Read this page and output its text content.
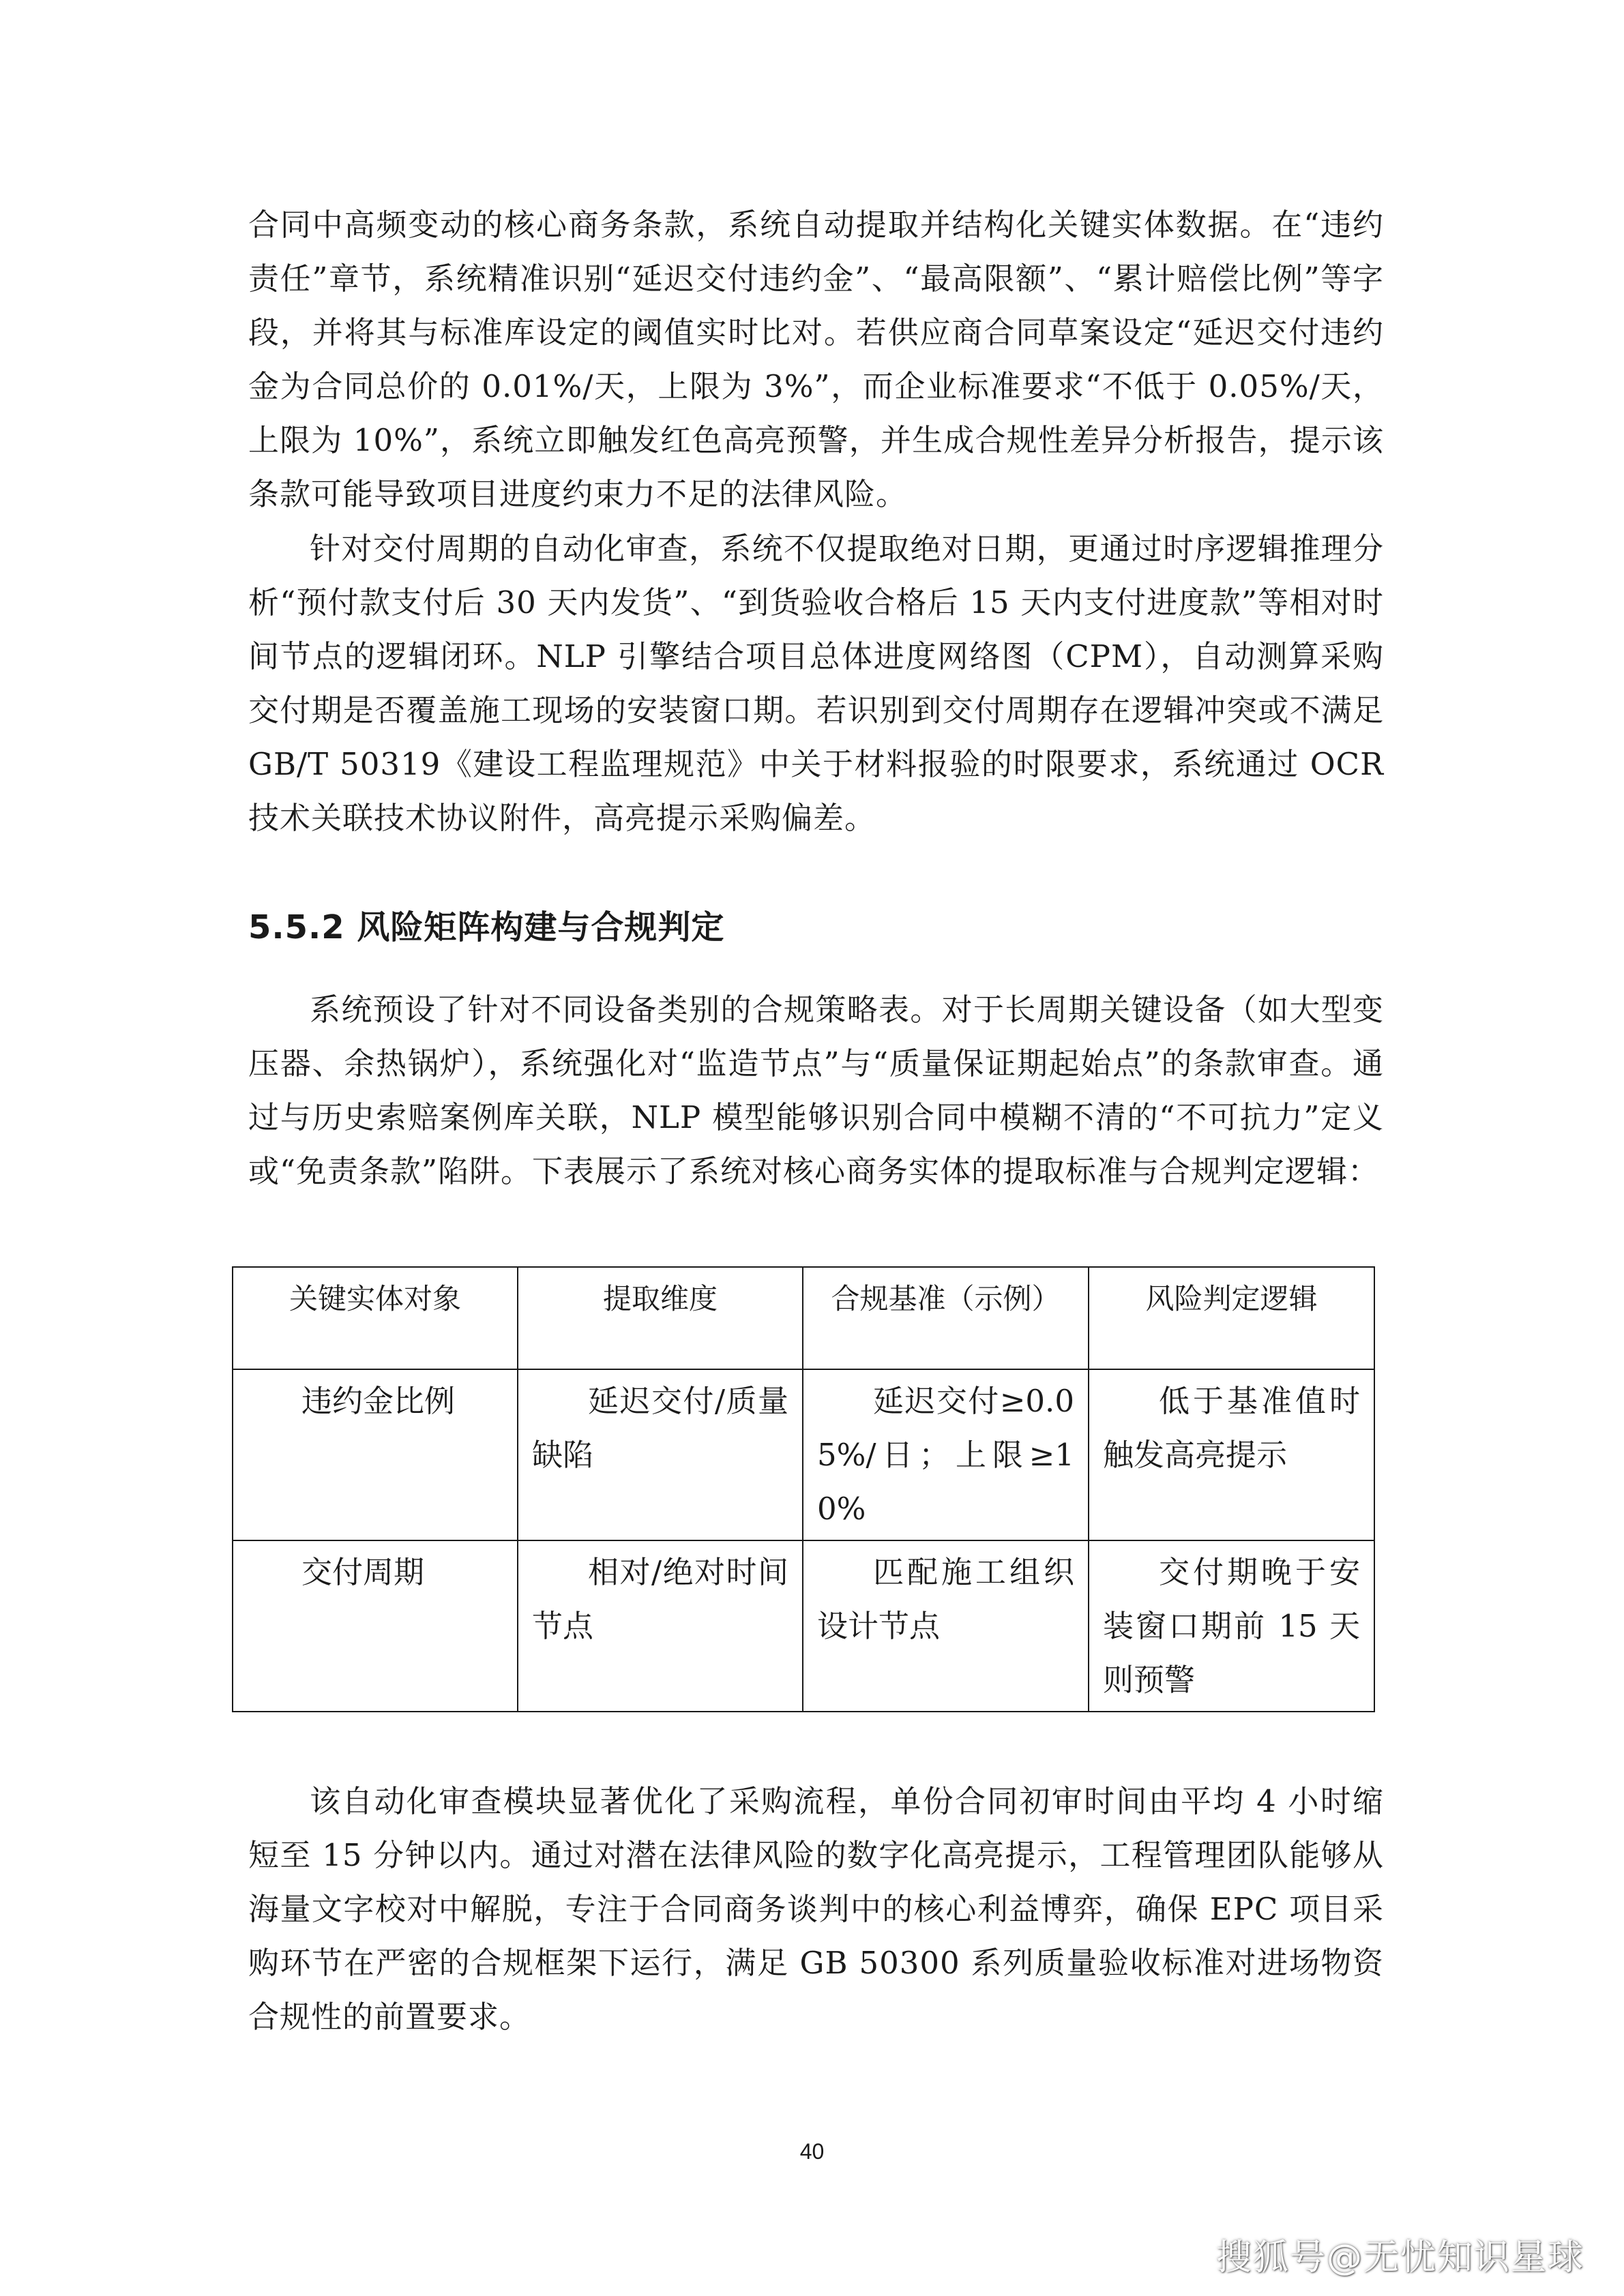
合同中高频变动的核心商务条款，系统自动提取并结构化关键实体数据。在“违约责任”章节，系统精准识别“延迟交付违约金”、“最高限额”、“累计赔偿比例”等字段，并将其与标准库设定的阈值实时比对。若供应商合同草案设定“延迟交付违约金为合同总价的 0.01%/天，上限为 3%”，而企业标准要求“不低于 0.05%/天，上限为 10%”，系统立即触发红色高亮预警，并生成合规性差异分析报告，提示该条款可能导致项目进度约束力不足的法律风险。

针对交付周期的自动化审查，系统不仅提取绝对日期，更通过时序逻辑推理分析“预付款支付后 30 天内发货”、“到货验收合格后 15 天内支付进度款”等相对时间节点的逻辑闭环。NLP 引擎结合项目总体进度网络图（CPM），自动测算采购交付期是否覆盖施工现场的安装窗口期。若识别到交付周期存在逻辑冲突或不满足 GB/T 50319《建设工程监理规范》中关于材料报验的时限要求，系统通过 OCR 技术关联技术协议附件，高亮提示采购偏差。

5.5.2 风险矩阵构建与合规判定

系统预设了针对不同设备类别的合规策略表。对于长周期关键设备（如大型变压器、余热锅炉），系统强化对“监造节点”与“质量保证期起始点”的条款审查。通过与历史索赔案例库关联，NLP 模型能够识别合同中模糊不清的“不可抗力”定义或“免责条款”陷阱。下表展示了系统对核心商务实体的提取标准与合规判定逻辑：

关键实体对象	提取维度	合规基准（示例）	风险判定逻辑
违约金比例	延迟交付/质量缺陷	延迟交付≥0.05%/日；上限≥10%	低于基准值时触发高亮提示
交付周期	相对/绝对时间节点	匹配施工组织设计节点	交付期晚于安装窗口期前 15 天则预警

该自动化审查模块显著优化了采购流程，单份合同初审时间由平均 4 小时缩短至 15 分钟以内。通过对潜在法律风险的数字化高亮提示，工程管理团队能够从海量文字校对中解脱，专注于合同商务谈判中的核心利益博弈，确保 EPC 项目采购环节在严密的合规框架下运行，满足 GB 50300 系列质量验收标准对进场物资合规性的前置要求。

40

搜狐号@无忧知识星球
